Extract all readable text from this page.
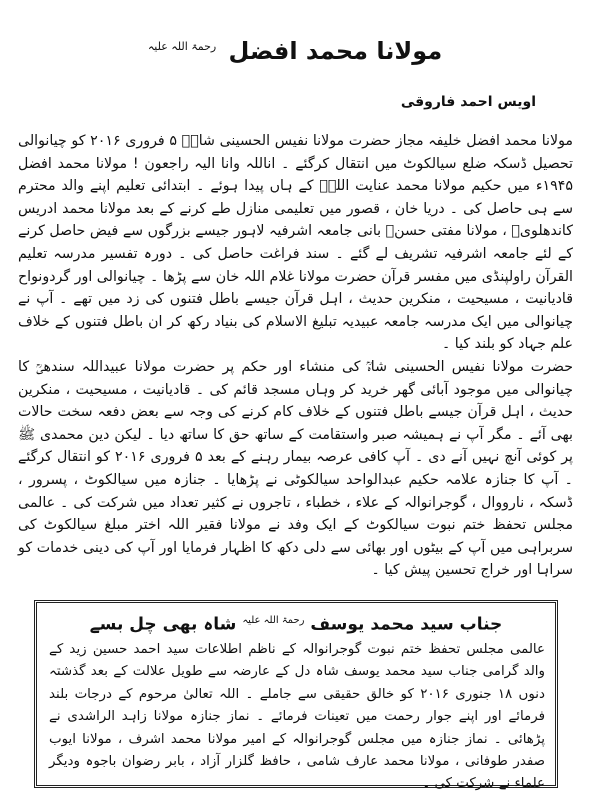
مولانا محمد افضل $^{رحمۃ اللہ علیہ}$
اویس احمد فاروقی

مولانا محمد افضل خلیفہ مجاز حضرت مولانا نفیس الحسینی شاہؒ ۵ فروری ۲۰۱۶ کو چیانوالی تحصیل ڈسکہ ضلع سیالکوٹ میں انتقال کرگئے ۔ اناللہ وانا الیہ راجعون ! مولانا محمد افضل ۱۹۴۵ء میں حکیم مولانا محمد عنایت اللہؒ کے ہاں پیدا ہوئے ۔ ابتدائی تعلیم اپنے والد محترم سے ہی حاصل کی ۔ دریا خان ، قصور میں تعلیمی منازل طے کرنے کے بعد مولانا محمد ادریس کاندھلویؒ ، مولانا مفتی حسنؒ بانی جامعہ اشرفیہ لاہور جیسے بزرگوں سے فیض حاصل کرنے کے لئے جامعہ اشرفیہ تشریف لے گئے ۔ سند فراغت حاصل کی ۔ دورہ تفسیر مدرسہ تعلیم القرآن راولپنڈی میں مفسر قرآن حضرت مولانا غلام اللہ خان سے پڑھا ۔ چیانوالی اور گردونواح قادیانیت ، مسیحیت ، منکرین حدیث ، اہل قرآن جیسے باطل فتنوں کی زد میں تھے ۔ آپ نے چیانوالی میں ایک مدرسہ جامعہ عبیدیہ تبلیغ الاسلام کی بنیاد رکھ کر ان باطل فتنوں کے خلاف علم جہاد کو بلند کیا ۔

حضرت مولانا نفیس الحسینی شاہؒ کی منشاء اور حکم پر حضرت مولانا عبیداللہ سندھیؒ کا چیانوالی میں موجود آبائی گھر خرید کر وہاں مسجد قائم کی ۔ قادیانیت ، مسیحیت ، منکرین حدیث ، اہل قرآن جیسے باطل فتنوں کے خلاف کام کرنے کی وجہ سے بعض دفعہ سخت حالات بھی آئے ۔ مگر آپ نے ہمیشہ صبر واستقامت کے ساتھ حق کا ساتھ دیا ۔ لیکن دین محمدی ﷺ پر کوئی آنچ نہیں آنے دی ۔ آپ کافی عرصہ بیمار رہنے کے بعد ۵ فروری ۲۰۱۶ کو انتقال کرگئے ۔ آپ کا جنازہ علامہ حکیم عبدالواحد سیالکوٹی نے پڑھایا ۔ جنازہ میں سیالکوٹ ، پسرور ، ڈسکہ ، نارووال ، گوجرانوالہ کے علاء ، خطباء ، تاجروں نے کثیر تعداد میں شرکت کی ۔ عالمی مجلس تحفظ ختم نبوت سیالکوٹ کے ایک وفد نے مولانا فقیر اللہ اختر مبلغ سیالکوٹ کی سربراہی میں آپ کے بیٹوں اور بھائی سے دلی دکھ کا اظہار فرمایا اور آپ کی دینی خدمات کو سراہا اور خراج تحسین پیش کیا ۔

جناب سید محمد یوسف $^{رحمۃ اللہ علیہ}$ شاہ بھی چل بسے
عالمی مجلس تحفظ ختم نبوت گوجرانوالہ کے ناظم اطلاعات سید احمد حسین زید کے والد گرامی جناب سید محمد یوسف شاہ دل کے عارضہ سے طویل علالت کے بعد گذشتہ دنوں ۱۸ جنوری ۲۰۱۶ کو خالق حقیقی سے جاملے ۔ اللہ تعالیٰ مرحوم کے درجات بلند فرمائے اور اپنے جوار رحمت میں تعینات فرمائے ۔ نماز جنازہ مولانا زاہد الراشدی نے پڑھائی ۔ نماز جنازہ میں مجلس گوجرانوالہ کے امیر مولانا محمد اشرف ، مولانا ایوب صفدر طوفانی ، مولانا محمد عارف شامی ، حافظ گلزار آزاد ، بابر رضوان باجوہ ودیگر علماء نے شرکت کی ۔
